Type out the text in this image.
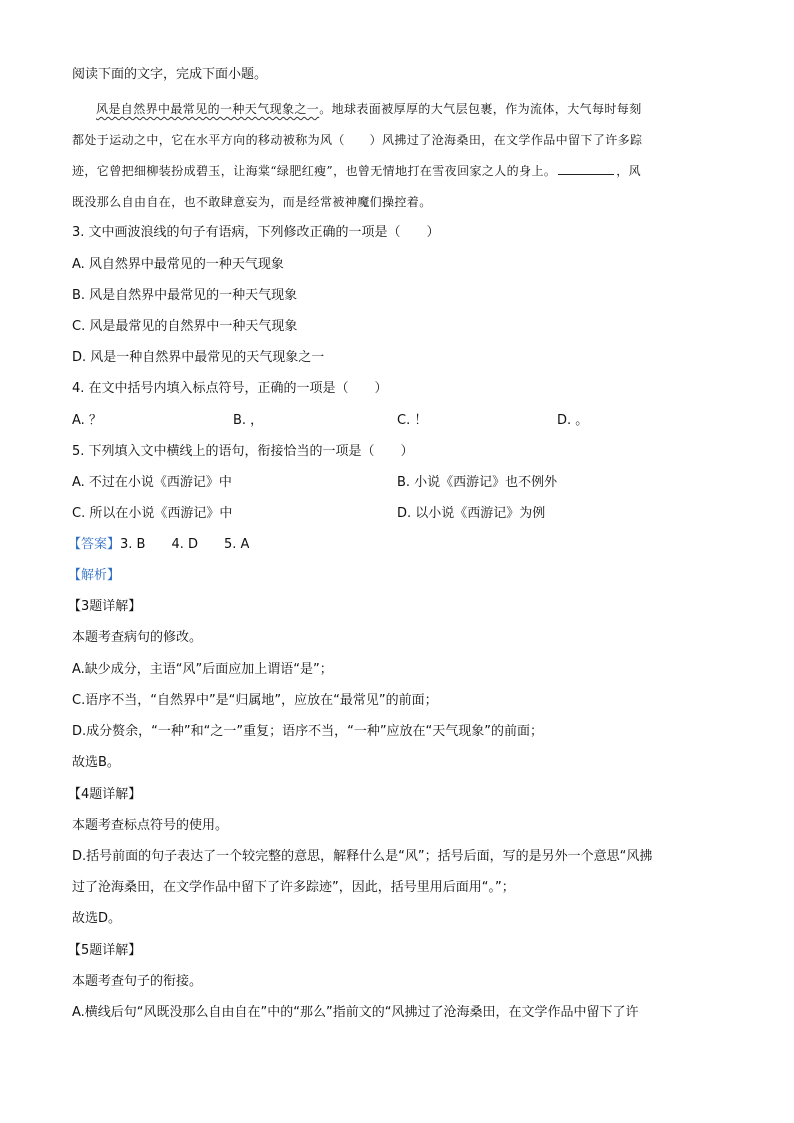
阅读下面的文字，完成下面小题。
风是自然界中最常见的一种天气现象之一。地球表面被厚厚的大气层包裹，作为流体，大气每时每刻
都处于运动之中，它在水平方向的移动被称为风（　　）风拂过了沧海桑田，在文学作品中留下了许多踪
迹，它曾把细柳装扮成碧玉，让海棠“绿肥红瘦”，也曾无情地打在雪夜回家之人的身上。	，风
既没那么自由自在，也不敢肆意妄为，而是经常被神魔们操控着。
3. 文中画波浪线的句子有语病，下列修改正确的一项是（　　）
A. 风自然界中最常见的一种天气现象
B. 风是自然界中最常见的一种天气现象
C. 风是最常见的自然界中一种天气现象
D. 风是一种自然界中最常见的天气现象之一
4. 在文中括号内填入标点符号，正确的一项是（　　）
A. ？	B. ，	C. ！	D. 。
5. 下列填入文中横线上的语句，衔接恰当的一项是（　　）
A. 不过在小说《西游记》中	B. 小说《西游记》也不例外
C. 所以在小说《西游记》中	D. 以小说《西游记》为例
【答案】3. B　　4. D　　5. A
【解析】
【3题详解】
本题考查病句的修改。
A.缺少成分，主语“风”后面应加上谓语“是”；
C.语序不当，“自然界中”是“归属地”，应放在“最常见”的前面；
D.成分赘余，“一种”和“之一”重复；语序不当，“一种”应放在“天气现象”的前面；
故选B。
【4题详解】
本题考查标点符号的使用。
D.括号前面的句子表达了一个较完整的意思，解释什么是“风”；括号后面，写的是另外一个意思“风拂
过了沧海桑田，在文学作品中留下了许多踪迹”，因此，括号里用后面用“。”；
故选D。
【5题详解】
本题考查句子的衔接。
A.横线后句“风既没那么自由自在”中的“那么”指前文的“风拂过了沧海桑田，在文学作品中留下了许
